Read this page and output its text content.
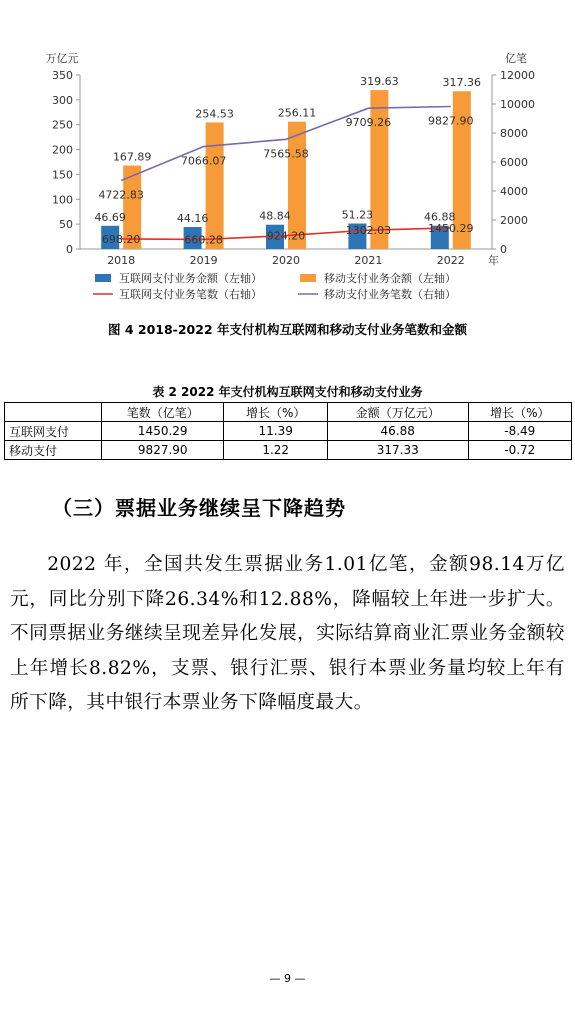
万亿元	亿笔
0
50
100
150
200
250
300
350
0
2000
4000
6000
8000
10000
12000
2018	2019	2020	2021	2022 年
46.69	44.16	48.84	51.23	46.88
167.89
254.53	256.11
319.63	317.36
698.20	660.28	924.20	1302.03	1450.29
4722.83
7066.07
7565.58
9709.26	9827.90
互联网支付业务金额（左轴）	移动支付业务金额（左轴）
互联网支付业务笔数（右轴）	移动支付业务笔数（右轴）
图 4 2018-2022 年支付机构互联网和移动支付业务笔数和金额
表 2 2022 年支付机构互联网支付和移动支付业务
	笔数（亿笔）	增长（%）	金额（万亿元）	增长（%）
互联网支付	1450.29	11.39	46.88	-8.49
移动支付	9827.90	1.22	317.33	-0.72
（三）票据业务继续呈下降趋势

2022 年，全国共发生票据业务1.01亿笔，金额98.14万亿元，同比分别下降26.34%和12.88%，降幅较上年进一步扩大。不同票据业务继续呈现差异化发展，实际结算商业汇票业务金额较上年增长8.82%，支票、银行汇票、银行本票业务量均较上年有所下降，其中银行本票业务下降幅度最大。

— 9 —
